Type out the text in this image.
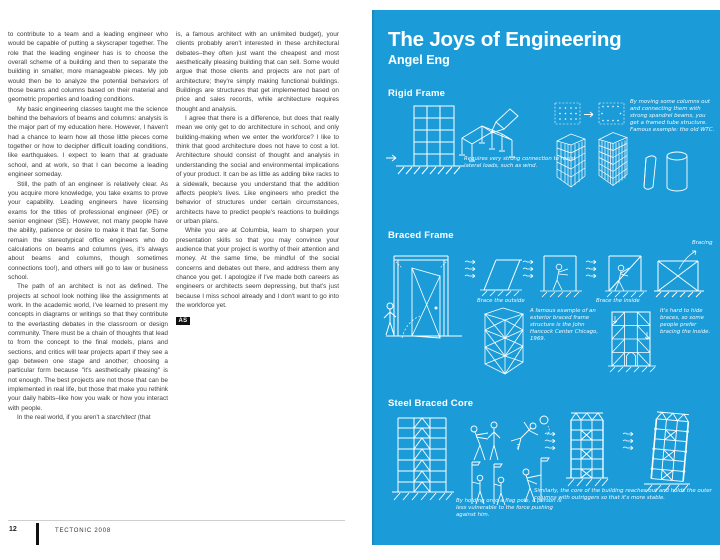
to contribute to a team and a leading engineer who would be capable of putting a skyscraper together. The role that the leading engineer has is to choose the overall scheme of a building and then to separate the building in smaller, more manageable pieces. My job would then be to analyze the potential behaviors of those beams and columns based on their material and geometric properties and loading conditions.

My basic engineering classes taught me the science behind the behaviors of beams and columns: analysis is the major part of my education here. However, I haven't had a chance to learn how all those little pieces come together or how to decipher difficult loading conditions, like earthquakes. I expect to learn that at graduate school, and at work, so that I can become a leading engineer someday.

Still, the path of an engineer is relatively clear. As you acquire more knowledge, you take exams to prove your capability. Leading engineers have licensing exams for the titles of professional engineer (PE) or senior engineer (SE). However, not many people have the ability, patience or desire to make it that far. Some remain the stereotypical office engineers who do calculations on beams and columns (yes, it's always about beams and columns, though sometimes connections too!), and others will go to law or business school.

The path of an architect is not as defined. The projects at school look nothing like the assignments at work. In the academic world, I've learned to present my concepts in diagrams or writings so that they contribute to the everlasting debates in the classroom or design community. There must be a chain of thoughts that lead to from the concept to the final models, plans and sections, and critics will tear projects apart if they see a gap between one stage and another; choosing a particular form because "it's aesthetically pleasing" is not enough. The best projects are not those that can be implemented in real life, but those that make you rethink your daily habits–like how you walk or how you interact with people.

In the real world, if you aren't a starchitect (that

is, a famous architect with an unlimited budget), your clients probably aren't interested in these architectural debates–they often just want the cheapest and most aesthetically pleasing building that can sell. Some would argue that those clients and projects are not part of architecture; they're simply making functional buildings. Buildings are structures that get implemented based on price and sales records, while architecture requires thought and analysis.

I agree that there is a difference, but does that really mean we only get to do architecture in school, and only building-making when we enter the workforce? I like to think that good architecture does not have to cost a lot. Architecture should consist of thought and analysis in understanding the social and environmental implications of your product. It can be as little as adding bike racks to a sidewalk, because you understand that the addition affects people's lives. Like engineers who predict the behavior of structures under certain circumstances, architects have to predict people's reactions to buildings or urban plans.

While you are at Columbia, learn to sharpen your presentation skills so that you may convince your audience that your project is worthy of their attention and money. At the same time, be mindful of the social concerns and debates out there, and address them any chance you get. I apologize if I've made both careers as engineers or architects seem depressing, but that's just because I miss school already and I don't want to go into the workforce yet.

AS
12	TECTONIC 2008
The Joys of Engineering
Angel Eng
Rigid Frame
Requires very strong connection to resist lateral loads, such as wind.
By moving some columns out and connecting them with strong spandrel beams, you get a framed tube structure. Famous example: the old WTC.
Braced Frame
Bracing
Brace the outside	Brace the inside
A famous example of an exterior braced frame structure is the John Hancock Center Chicago, 1969.
It's hard to hide braces, so some people prefer bracing the inside.
Steel Braced Core
?
By holding onto a flag pole, a person is less vulnerable to the force pushing against him.
Similarly, the core of the building reaches out and holds the outer columns with outriggers so that it's more stable.
